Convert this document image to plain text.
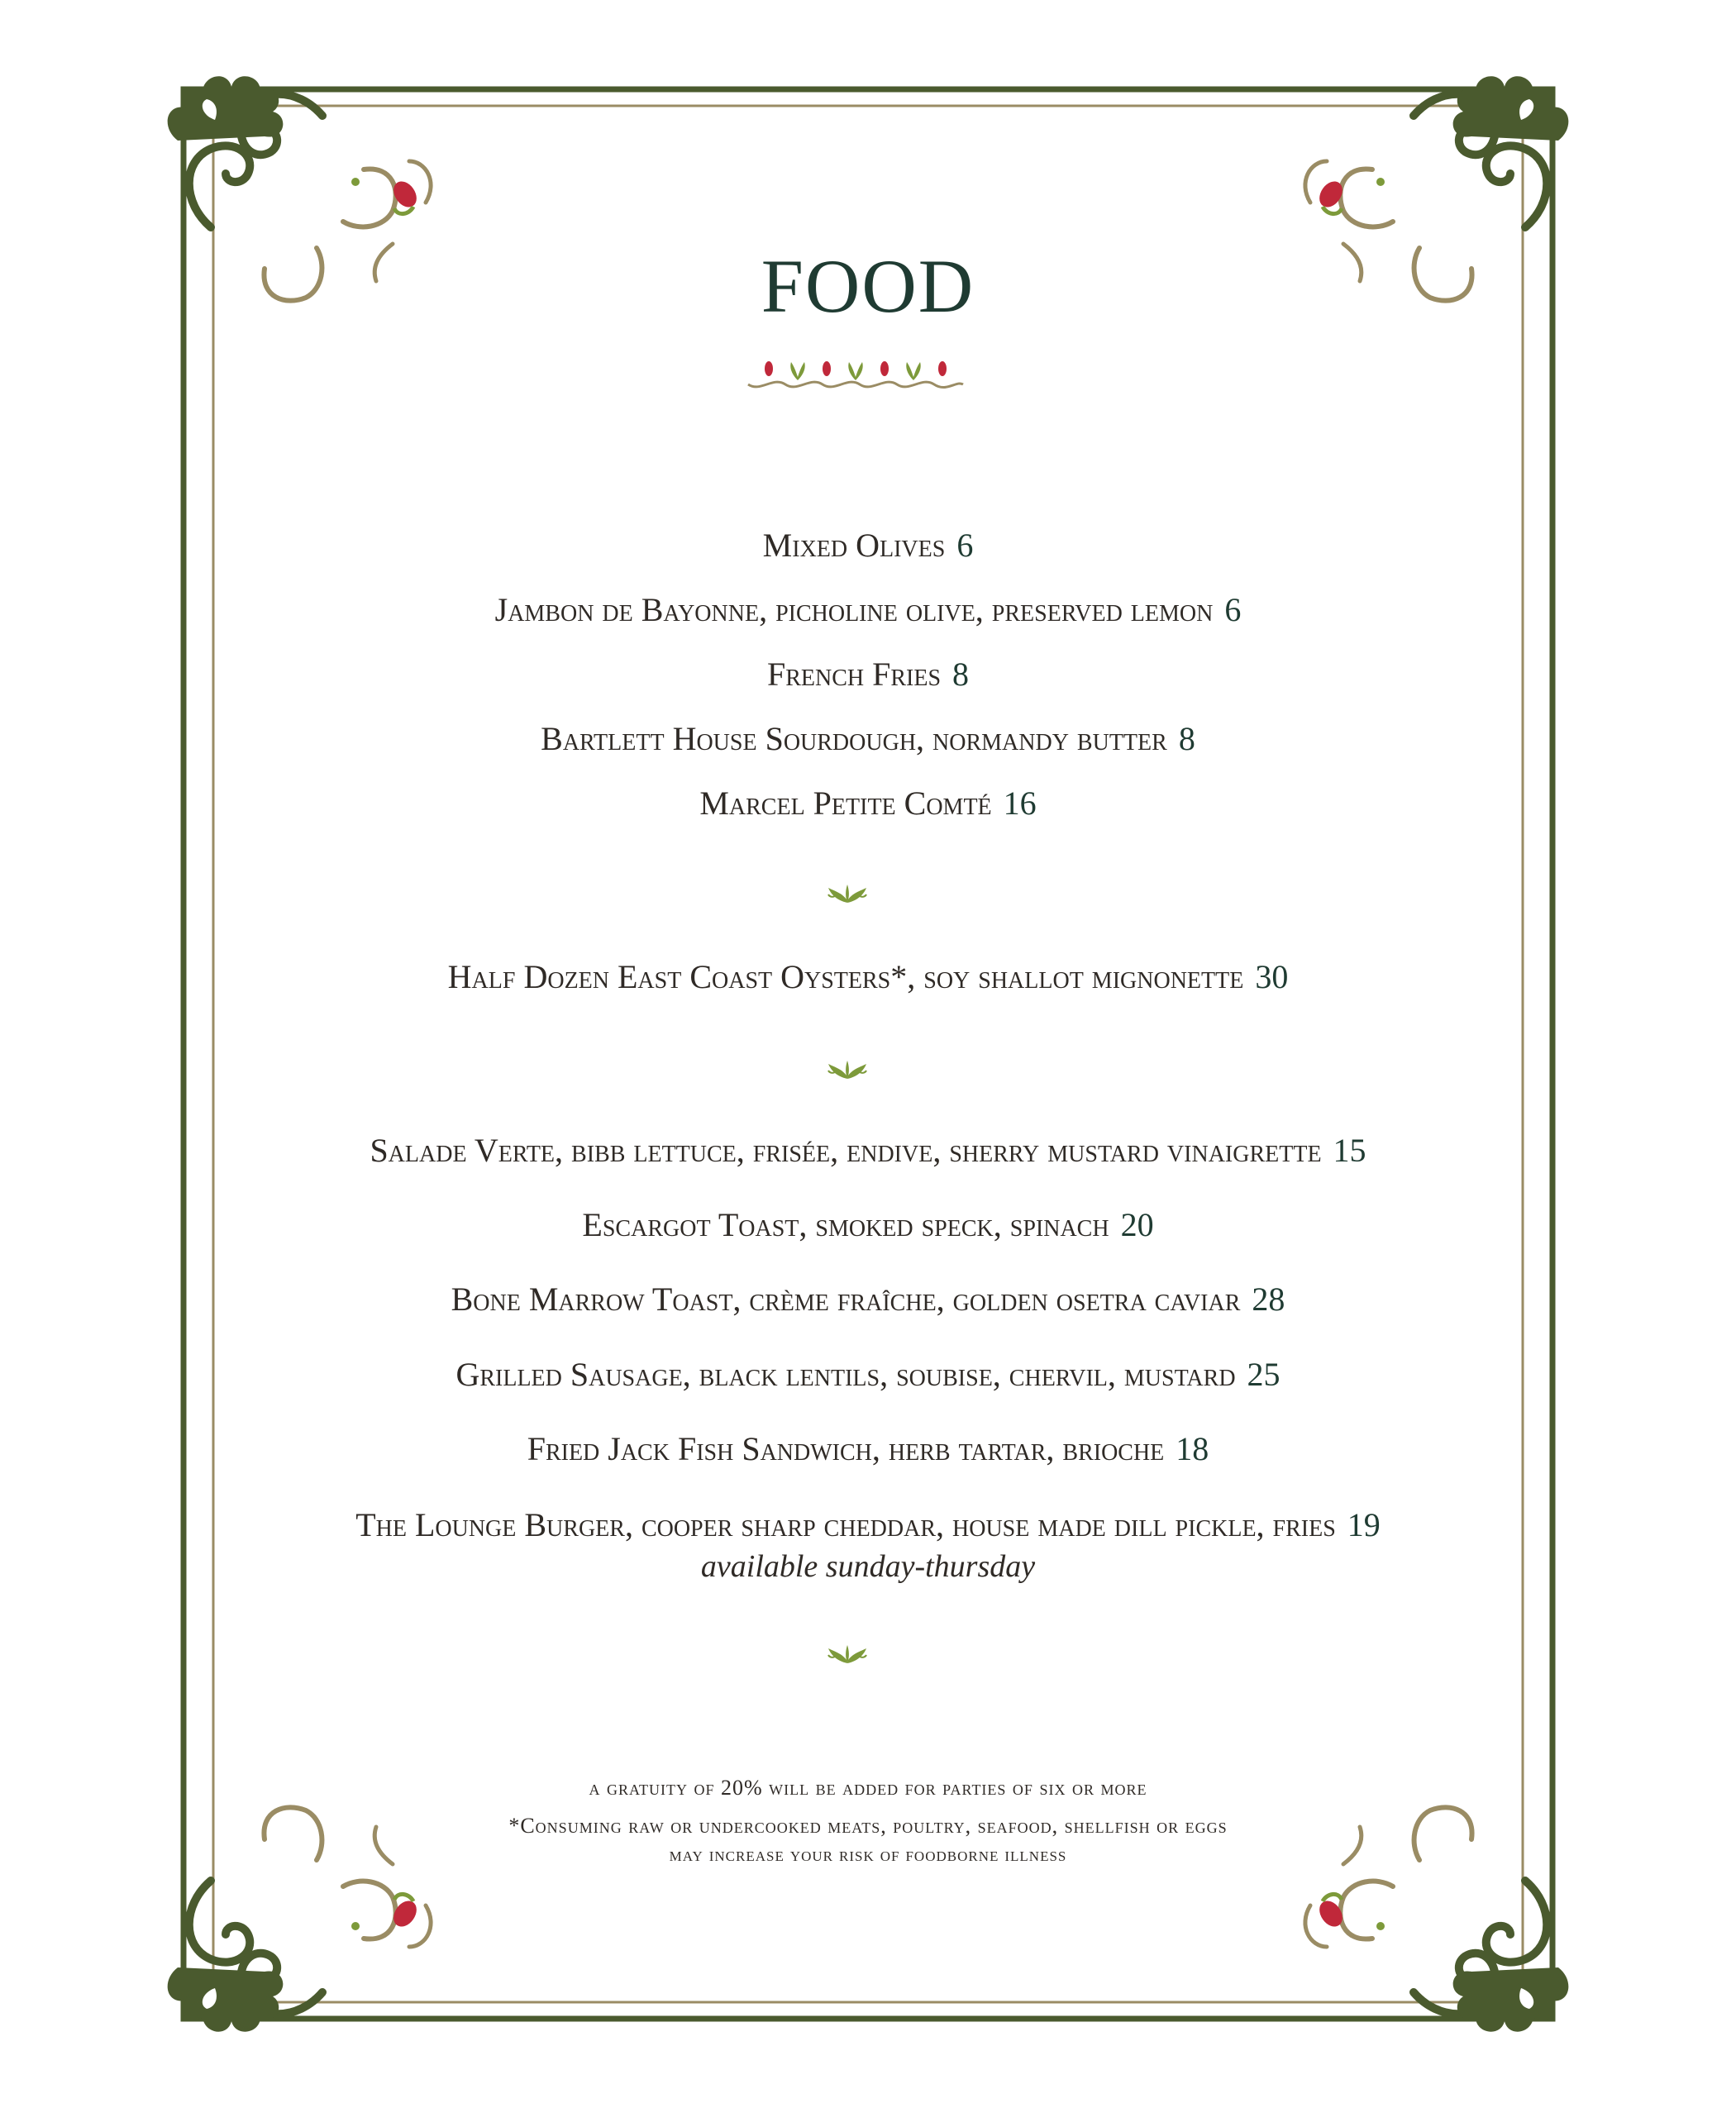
FOOD
Mixed Olives 6
Jambon de Bayonne, picholine olive, preserved lemon 6
French Fries 8
Bartlett House Sourdough, normandy butter 8
Marcel Petite Comté 16
Half Dozen East Coast Oysters*, soy shallot mignonette 30
Salade Verte, bibb lettuce, frisée, endive, sherry mustard vinaigrette 15
Escargot Toast, smoked speck, spinach 20
Bone Marrow Toast, crème fraîche, golden osetra caviar 28
Grilled Sausage, black lentils, soubise, chervil, mustard 25
Fried Jack Fish Sandwich, herb tartar, brioche 18
The Lounge Burger, cooper sharp cheddar, house made dill pickle, fries 19
available sunday-thursday
a gratuity of 20% will be added for parties of six or more
*Consuming raw or undercooked meats, poultry, seafood, shellfish or eggs
may increase your risk of foodborne illness
